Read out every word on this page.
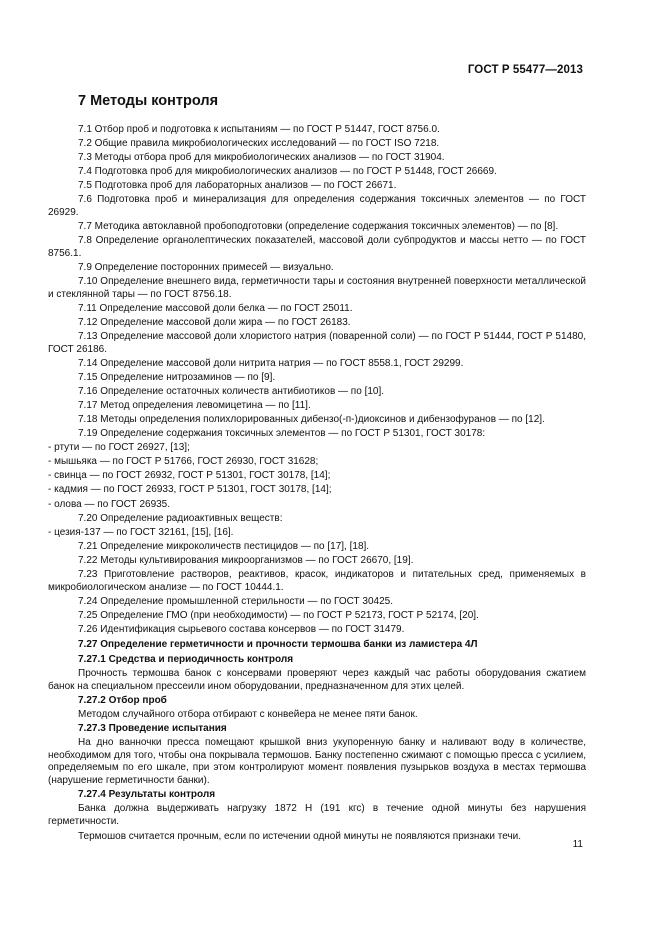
ГОСТ Р 55477—2013
7 Методы контроля

7.1 Отбор проб и подготовка к испытаниям — по ГОСТ Р 51447, ГОСТ 8756.0.

7.2 Общие правила микробиологических исследований — по ГОСТ ISO 7218.

7.3 Методы отбора проб для микробиологических анализов — по ГОСТ 31904.

7.4 Подготовка проб для микробиологических анализов — по ГОСТ Р 51448, ГОСТ 26669.

7.5 Подготовка проб для лабораторных анализов — по ГОСТ 26671.

7.6 Подготовка проб и минерализация для определения содержания токсичных элементов — по ГОСТ 26929.

7.7 Методика автоклавной пробоподготовки (определение содержания токсичных элементов) — по [8].

7.8 Определение органолептических показателей, массовой доли субпродуктов и массы нетто — по ГОСТ 8756.1.

7.9 Определение посторонних примесей — визуально.

7.10 Определение внешнего вида, герметичности тары и состояния внутренней поверхности металлической и стеклянной тары — по ГОСТ 8756.18.

7.11 Определение массовой доли белка — по ГОСТ 25011.

7.12 Определение массовой доли жира — по ГОСТ 26183.

7.13 Определение массовой доли хлористого натрия (поваренной соли) — по ГОСТ Р 51444, ГОСТ Р 51480, ГОСТ 26186.

7.14 Определение массовой доли нитрита натрия — по ГОСТ 8558.1, ГОСТ 29299.

7.15 Определение нитрозаминов — по [9].

7.16 Определение остаточных количеств антибиотиков — по [10].

7.17 Метод определения левомицетина — по [11].

7.18 Методы определения полихлорированных дибензо(-п-)диоксинов и дибензофуранов — по [12].

7.19 Определение содержания токсичных элементов — по ГОСТ Р 51301, ГОСТ 30178:

- ртути — по ГОСТ 26927, [13];

- мышьяка — по ГОСТ Р 51766, ГОСТ 26930, ГОСТ 31628;

- свинца — по ГОСТ 26932, ГОСТ Р 51301, ГОСТ 30178, [14];

- кадмия — по ГОСТ 26933, ГОСТ Р 51301, ГОСТ 30178, [14];

- олова — по ГОСТ 26935.

7.20 Определение радиоактивных веществ:

- цезия-137 — по ГОСТ 32161, [15], [16].

7.21 Определение микроколичеств пестицидов — по [17], [18].

7.22 Методы культивирования микроорганизмов — по ГОСТ 26670, [19].

7.23 Приготовление растворов, реактивов, красок, индикаторов и питательных сред, применяемых в микробиологическом анализе — по ГОСТ 10444.1.

7.24 Определение промышленной стерильности — по ГОСТ 30425.

7.25 Определение ГМО (при необходимости) — по ГОСТ Р 52173, ГОСТ Р 52174, [20].

7.26 Идентификация сырьевого состава консервов — по ГОСТ 31479.

7.27 Определение герметичности и прочности термошва банки из ламистера 4Л

7.27.1 Средства и периодичность контроля

Прочность термошва банок с консервами проверяют через каждый час работы оборудования сжатием банок на специальном прессеили ином оборудовании, предназначенном для этих целей.

7.27.2 Отбор проб

Методом случайного отбора отбирают с конвейера не менее пяти банок.

7.27.3 Проведение испытания

На дно ванночки пресса помещают крышкой вниз укупоренную банку и наливают воду в количестве, необходимом для того, чтобы она покрывала термошов. Банку постепенно сжимают с помощью пресса с усилием, определяемым по его шкале, при этом контролируют момент появления пузырьков воздуха в местах термошва (нарушение герметичности банки).

7.27.4 Результаты контроля

Банка должна выдерживать нагрузку 1872 Н (191 кгс) в течение одной минуты без нарушения герметичности.

Термошов считается прочным, если по истечении одной минуты не появляются признаки течи.

11
